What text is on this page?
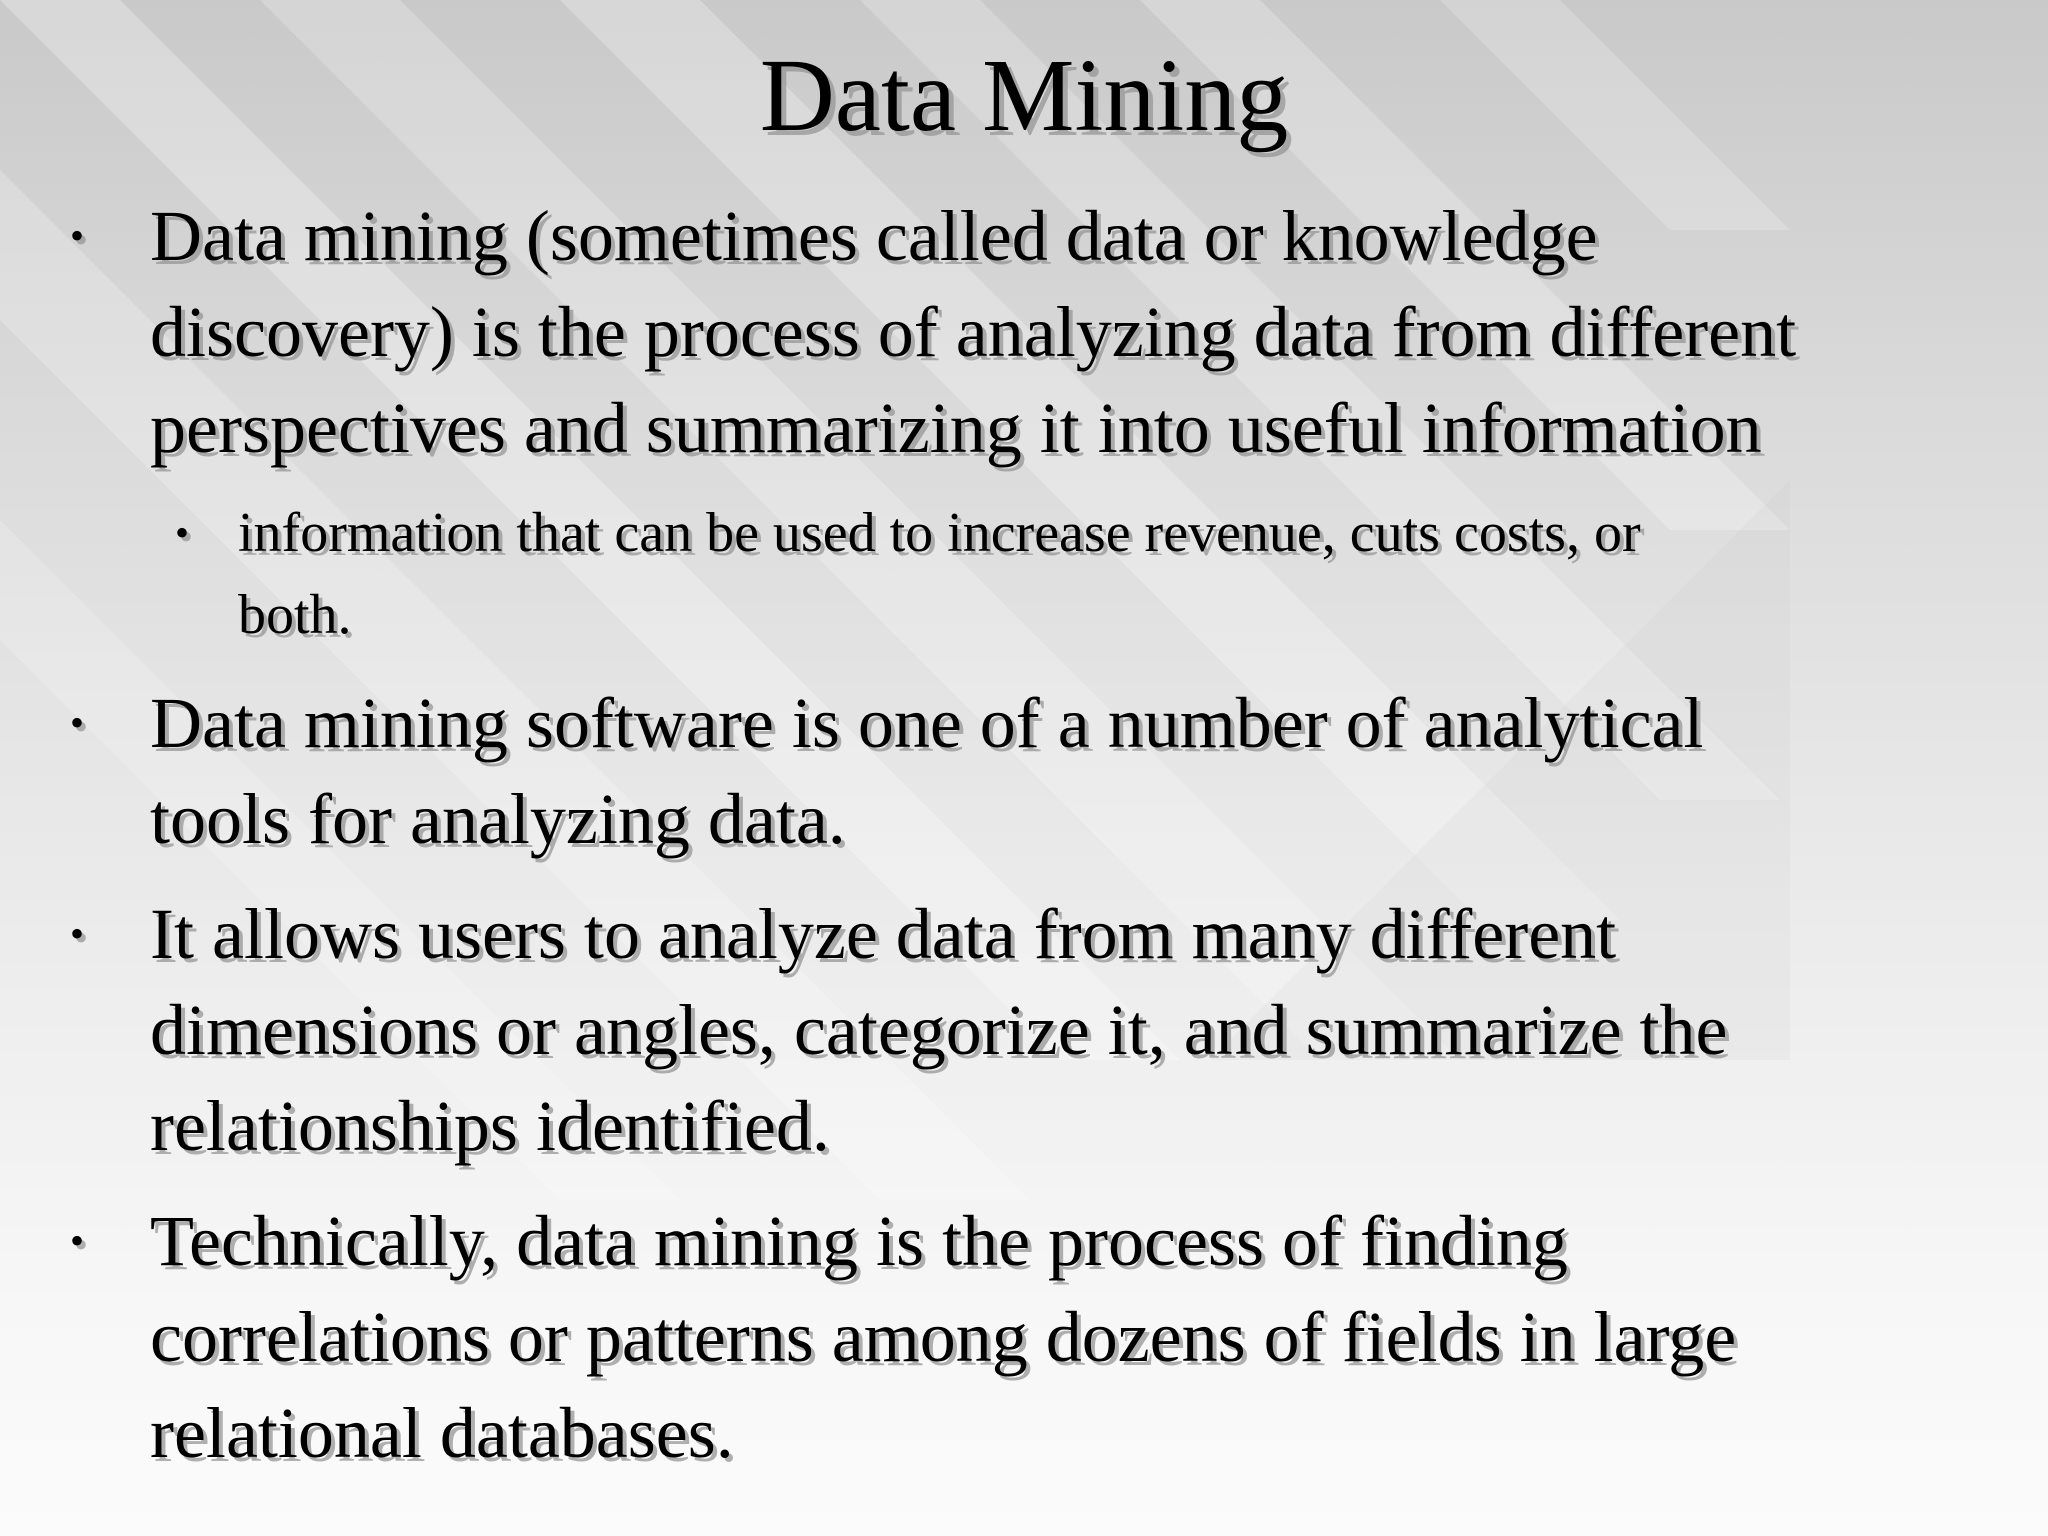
Data Mining
• Data mining (sometimes called data or knowledge
discovery) is the process of analyzing data from different
perspectives and summarizing it into useful information
• information that can be used to increase revenue, cuts costs, or
both.
• Data mining software is one of a number of analytical
tools for analyzing data.
• It allows users to analyze data from many different
dimensions or angles, categorize it, and summarize the
relationships identified.
• Technically, data mining is the process of finding
correlations or patterns among dozens of fields in large
relational databases.
